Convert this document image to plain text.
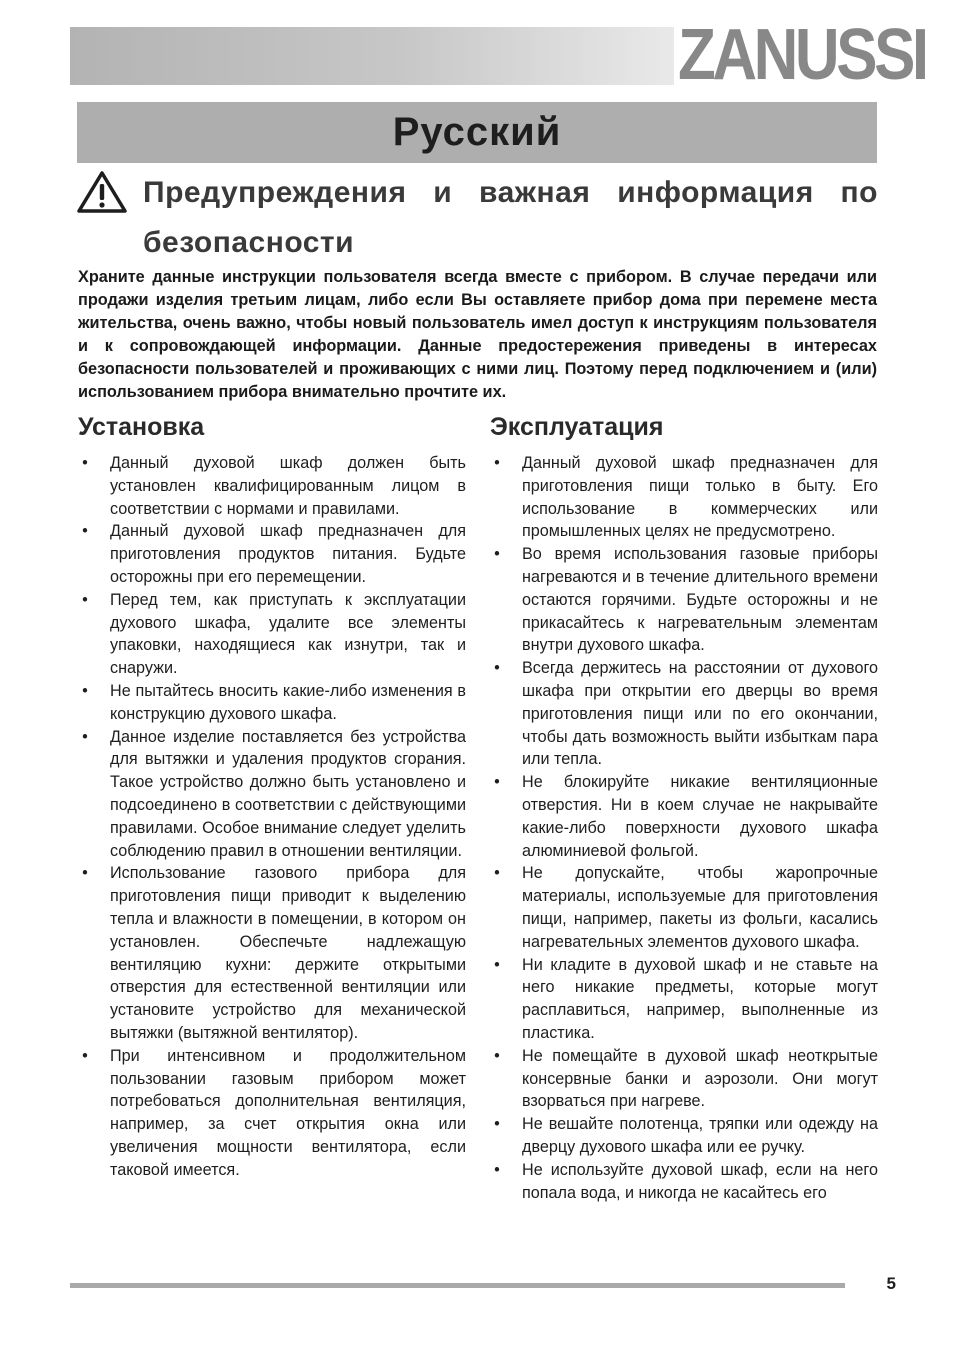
ZANUSSI
Русский
Предупреждения и важная информация по безопасности

Храните данные инструкции пользователя всегда вместе с прибором. В случае передачи или продажи изделия третьим лицам, либо если Вы оставляете прибор дома при перемене места жительства, очень важно, чтобы новый пользователь имел доступ к инструкциям пользователя и к сопровождающей информации. Данные предостережения приведены в интересах безопасности пользователей и проживающих с ними лиц. Поэтому перед подключением и (или) использованием прибора внимательно прочтите их.

Установка	Эксплуатация
• Данный духовой шкаф должен быть установлен квалифицированным лицом в соответствии с нормами и правилами.
• Данный духовой шкаф предназначен для приготовления продуктов питания. Будьте осторожны при его перемещении.
• Перед тем, как приступать к эксплуатации духового шкафа, удалите все элементы упаковки, находящиеся как изнутри, так и снаружи.
• Не пытайтесь вносить какие-либо изменения в конструкцию духового шкафа.
• Данное изделие поставляется без устройства для вытяжки и удаления продуктов сгорания. Такое устройство должно быть установлено и подсоединено в соответствии с действующими правилами. Особое внимание следует уделить соблюдению правил в отношении вентиляции.
• Использование газового прибора для приготовления пищи приводит к выделению тепла и влажности в помещении, в котором он установлен. Обеспечьте надлежащую вентиляцию кухни: держите открытыми отверстия для естественной вентиляции или установите устройство для механической вытяжки (вытяжной вентилятор).
• При интенсивном и продолжительном пользовании газовым прибором может потребоваться дополнительная вентиляция, например, за счет открытия окна или увеличения мощности вентилятора, если таковой имеется.
• Данный духовой шкаф предназначен для приготовления пищи только в быту. Его использование в коммерческих или промышленных целях не предусмотрено.
• Во время использования газовые приборы нагреваются и в течение длительного времени остаются горячими. Будьте осторожны и не прикасайтесь к нагревательным элементам внутри духового шкафа.
• Всегда держитесь на расстоянии от духового шкафа при открытии его дверцы во время приготовления пищи или по его окончании, чтобы дать возможность выйти избыткам пара или тепла.
• Не блокируйте никакие вентиляционные отверстия. Ни в коем случае не накрывайте какие-либо поверхности духового шкафа алюминиевой фольгой.
• Не допускайте, чтобы жаропрочные материалы, используемые для приготовления пищи, например, пакеты из фольги, касались нагревательных элементов духового шкафа.
• Ни кладите в духовой шкаф и не ставьте на него никакие предметы, которые могут расплавиться, например, выполненные из пластика.
• Не помещайте в духовой шкаф неоткрытые консервные банки и аэрозоли. Они могут взорваться при нагреве.
• Не вешайте полотенца, тряпки или одежду на дверцу духового шкафа или ее ручку.
• Не используйте духовой шкаф, если на него попала вода, и никогда не касайтесь его
5
